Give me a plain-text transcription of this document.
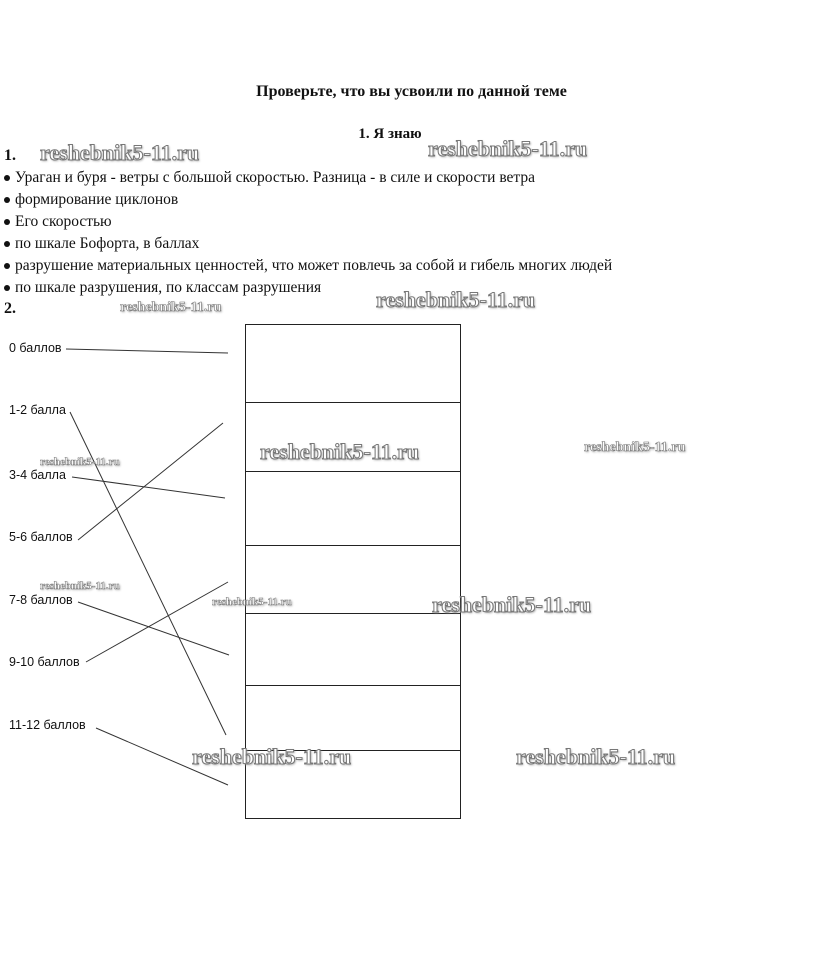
Проверьте, что вы усвоили по данной теме
1. Я знаю
1.
Ураган и буря - ветры с большой скоростью. Разница - в силе и скорости ветра
формирование циклонов
Его скоростью
по шкале Бофорта, в баллах
разрушение материальных ценностей, что может повлечь за собой и гибель многих людей
по шкале разрушения, по классам разрушения
2.
0 баллов
1-2 балла
3-4 балла
5-6 баллов
7-8 баллов
9-10 баллов
11-12 баллов
reshebnik5-11.ru	reshebnik5-11.ru
reshebnik5-11.ru
reshebnik5-11.ru
reshebnik5-11.ru	reshebnik5-11.ru
reshebnik5-11.ru
reshebnik5-11.ru
reshebnik5-11.ru	reshebnik5-11.ru
reshebnik5-11.ru	reshebnik5-11.ru
